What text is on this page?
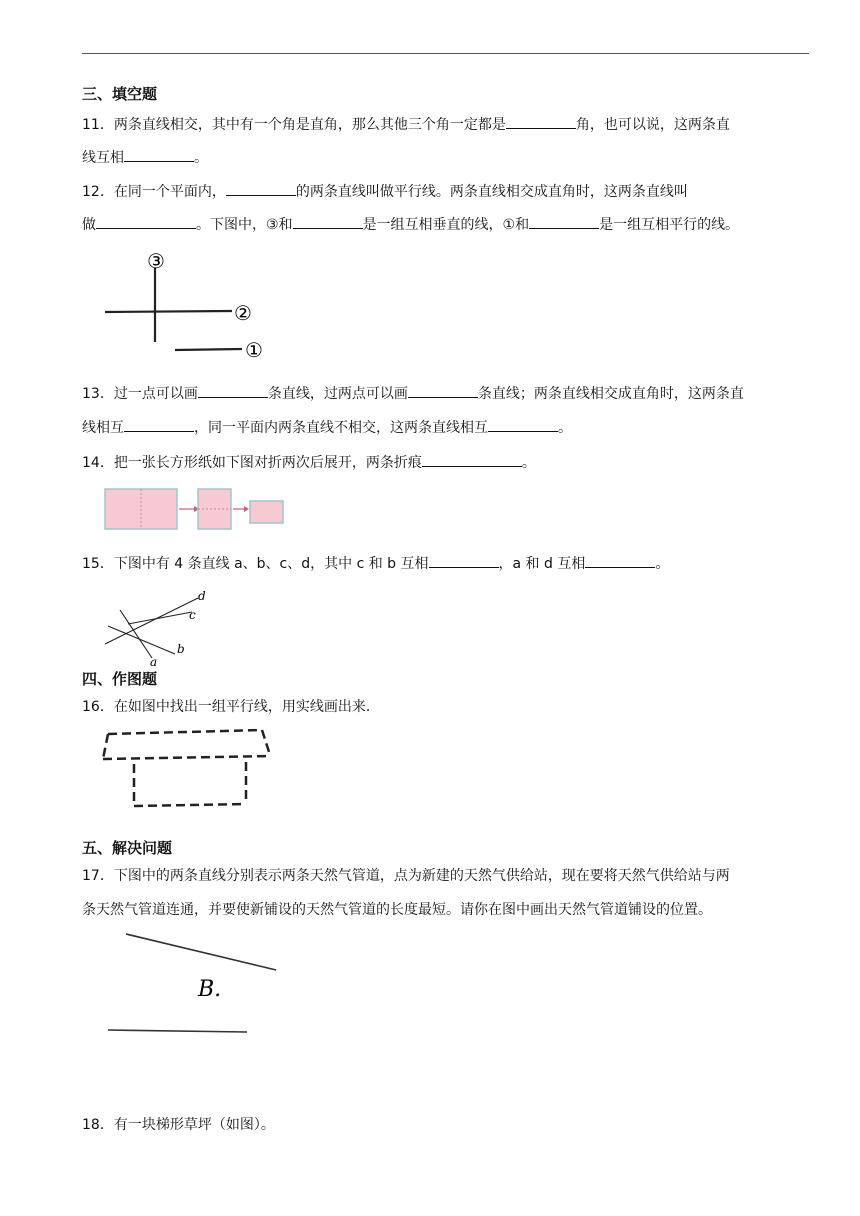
三、填空题
11．两条直线相交，其中有一个角是直角，那么其他三个角一定都是	角，也可以说，这两条直
线互相	。
12．在同一个平面内，	的两条直线叫做平行线。两条直线相交成直角时，这两条直线叫
做	。下图中，③和	是一组互相垂直的线，①和	是一组互相平行的线。
③
②
①
13．过一点可以画	条直线，过两点可以画	条直线；两条直线相交成直角时，这两条直
线相互	，同一平面内两条直线不相交，这两条直线相互	。
14．把一张长方形纸如下图对折两次后展开，两条折痕	。
15．下图中有 4 条直线 a、b、c、d，其中 c 和 b 互相	，a 和 d 互相	。
d
c
b
a
四、作图题
16．在如图中找出一组平行线，用实线画出来.
五、解决问题
17．下图中的两条直线分别表示两条天然气管道，点为新建的天然气供给站，现在要将天然气供给站与两
条天然气管道连通，并要使新铺设的天然气管道的长度最短。请你在图中画出天然气管道铺设的位置。
B.
18．有一块梯形草坪（如图）。
